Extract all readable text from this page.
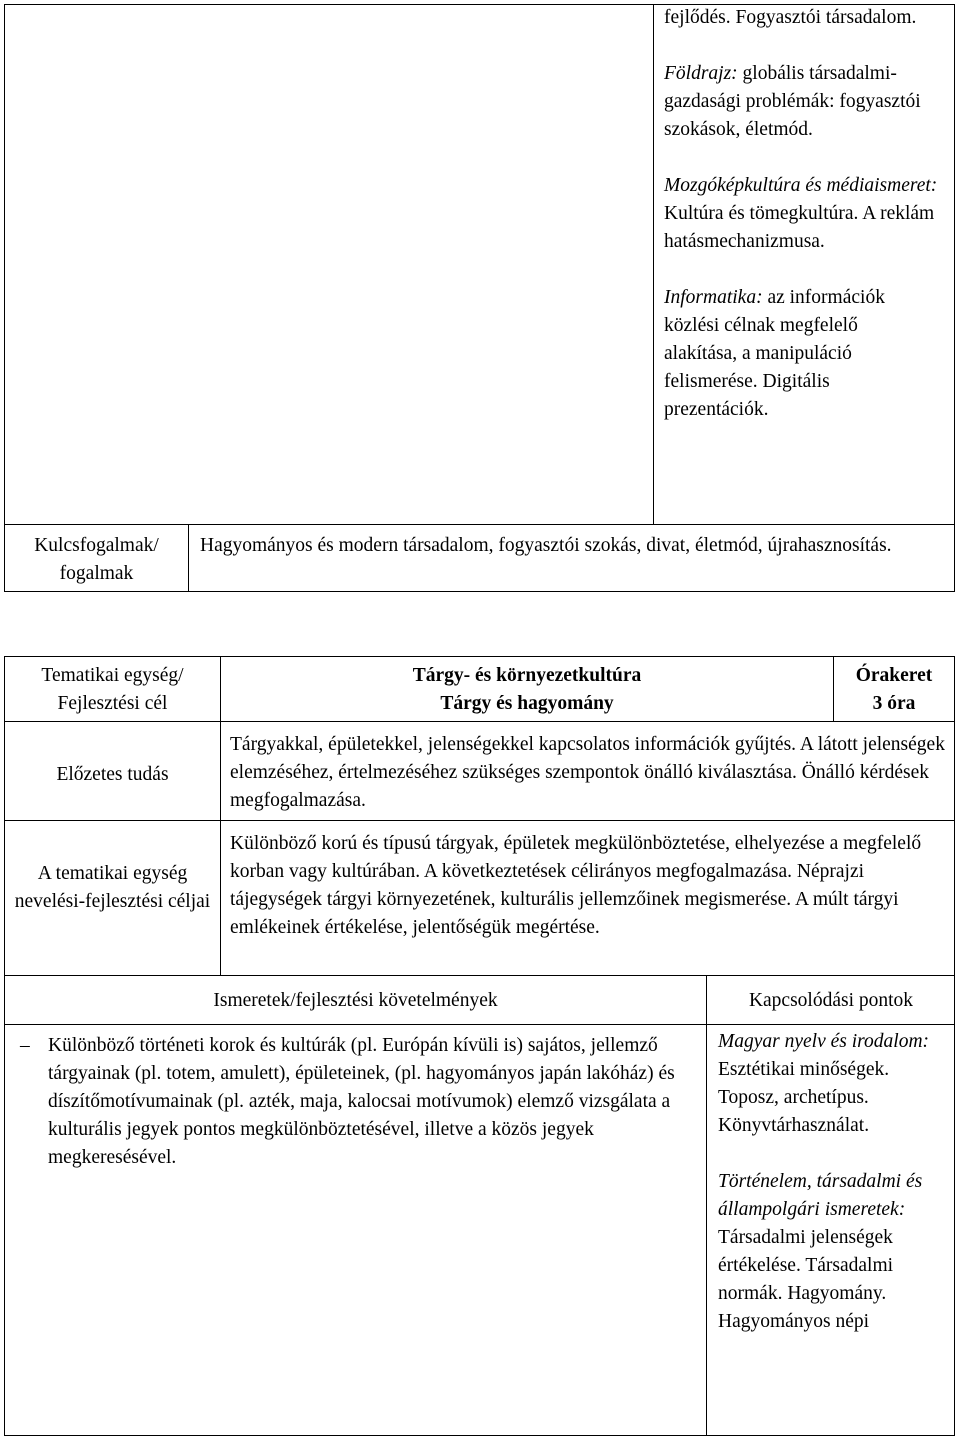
fejlődés. Fogyasztói társadalom.

Földrajz: globális társadalmi-gazdasági problémák: fogyasztói szokások, életmód.

Mozgóképkultúra és médiaismeret: Kultúra és tömegkultúra. A reklám hatásmechanizmusa.

Informatika: az információk közlési célnak megfelelő alakítása, a manipuláció felismerése. Digitális prezentációk.

Kulcsfogalmak/ fogalmak
Hagyományos és modern társadalom, fogyasztói szokás, divat, életmód, újrahasznosítás.
Tematikai egység/ Fejlesztési cél
Tárgy- és környezetkultúra
Tárgy és hagyomány
Órakeret
3 óra
Előzetes tudás
Tárgyakkal, épületekkel, jelenségekkel kapcsolatos információk gyűjtés. A látott jelenségek elemzéséhez, értelmezéséhez szükséges szempontok önálló kiválasztása. Önálló kérdések megfogalmazása.
A tematikai egység nevelési-fejlesztési céljai
Különböző korú és típusú tárgyak, épületek megkülönböztetése, elhelyezése a megfelelő korban vagy kultúrában. A következtetések célirányos megfogalmazása. Néprajzi tájegységek tárgyi környezetének, kulturális jellemzőinek megismerése. A múlt tárgyi emlékeinek értékelése, jelentőségük megértése.
Ismeretek/fejlesztési követelmények	Kapcsolódási pontok
– Különböző történeti korok és kultúrák (pl. Európán kívüli is) sajátos, jellemző tárgyainak (pl. totem, amulett), épületeinek, (pl. hagyományos japán lakóház) és díszítőmotívumainak (pl. azték, maja, kalocsai motívumok) elemző vizsgálata a kulturális jegyek pontos megkülönböztetésével, illetve a közös jegyek megkeresésével.

Magyar nyelv és irodalom: Esztétikai minőségek. Toposz, archetípus. Könyvtárhasználat.

Történelem, társadalmi és állampolgári ismeretek: Társadalmi jelenségek értékelése. Társadalmi normák. Hagyomány. Hagyományos népi
